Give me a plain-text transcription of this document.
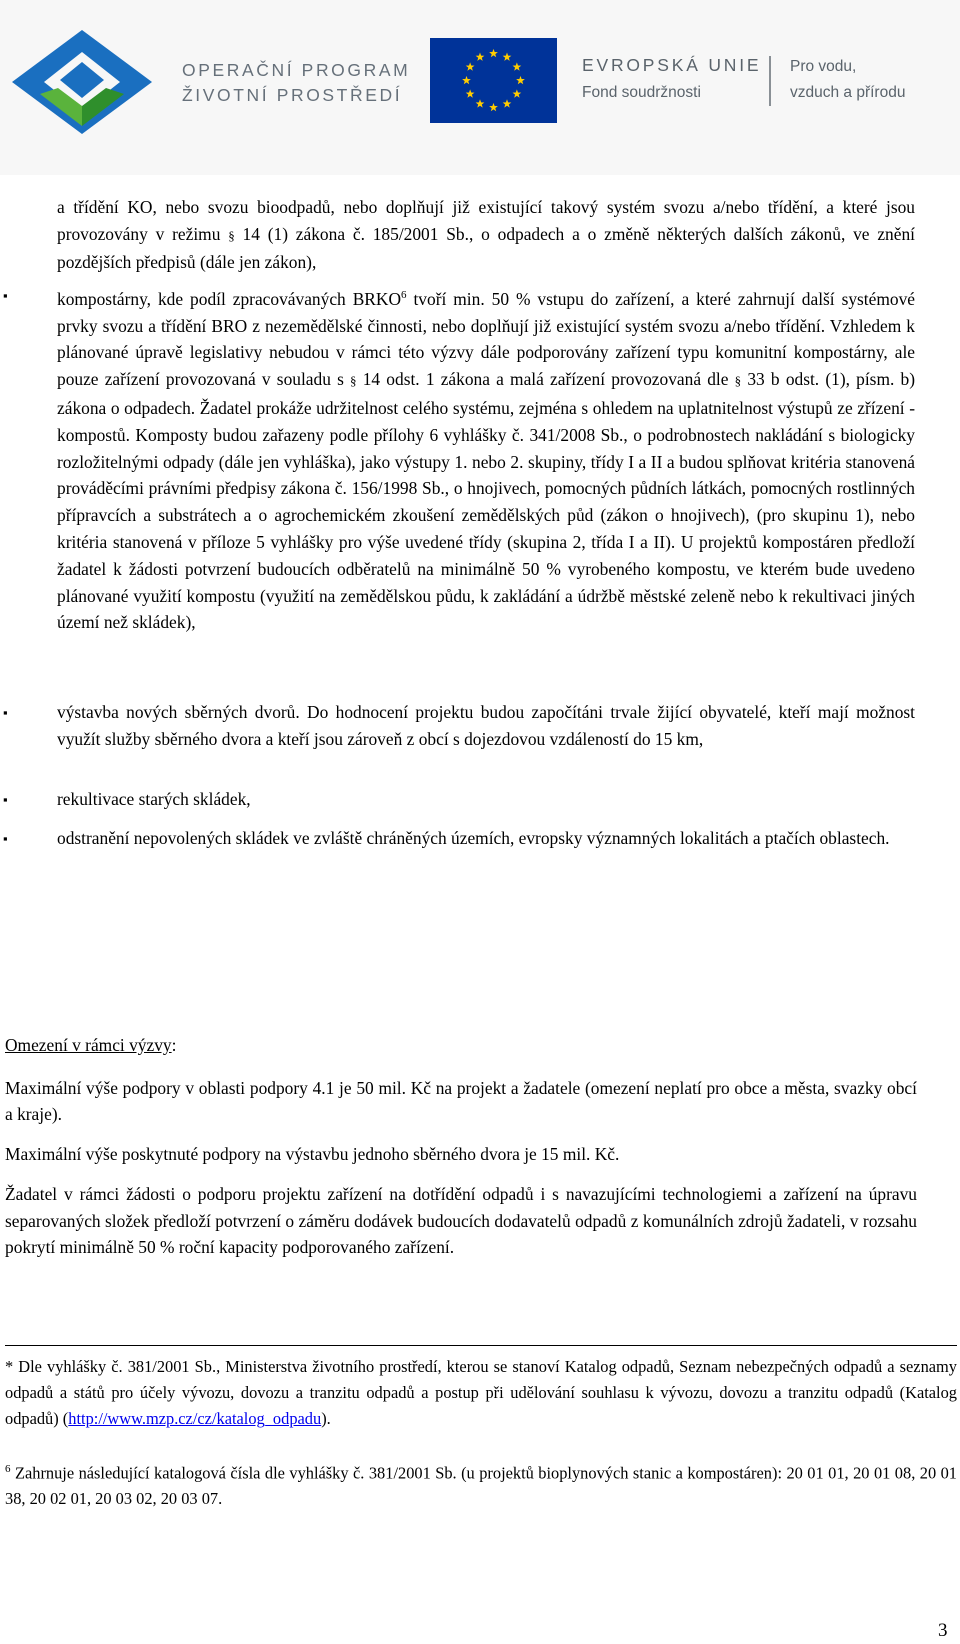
OPERAČNÍ PROGRAM
ŽIVOTNÍ PROSTŘEDÍ
EVROPSKÁ UNIE
Fond soudržnosti
Pro vodu,
vzduch a přírodu
a třídění KO, nebo svozu bioodpadů, nebo doplňují již existující takový systém svozu a/nebo třídění, a které jsou provozovány v režimu § 14 (1) zákona č. 185/2001 Sb., o odpadech a o změně některých dalších zákonů, ve znění pozdějších předpisů (dále jen zákon),
▪	kompostárny, kde podíl zpracovávaných BRKO$^6$ tvoří min. 50 % vstupu do zařízení, a které zahrnují další systémové prvky svozu a třídění BRO z nezemědělské činnosti, nebo doplňují již existující systém svozu a/nebo třídění. Vzhledem k plánované úpravě legislativy nebudou v rámci této výzvy dále podporovány zařízení typu komunitní kompostárny, ale pouze zařízení provozovaná v souladu s § 14 odst. 1 zákona a malá zařízení provozovaná dle § 33 b odst. (1), písm. b) zákona o odpadech. Žadatel prokáže udržitelnost celého systému, zejména s ohledem na uplatnitelnost výstupů ze zřízení - kompostů. Komposty budou zařazeny podle přílohy 6 vyhlášky č. 341/2008 Sb., o podrobnostech nakládání s biologicky rozložitelnými odpady (dále jen vyhláška), jako výstupy 1. nebo 2. skupiny, třídy I a II a budou splňovat kritéria stanovená prováděcími právními předpisy zákona č. 156/1998 Sb., o hnojivech, pomocných půdních látkách, pomocných rostlinných přípravcích a substrátech a o agrochemickém zkoušení zemědělských půd (zákon o hnojivech), (pro skupinu 1), nebo kritéria stanovená v příloze 5 vyhlášky pro výše uvedené třídy (skupina 2, třída I a II). U projektů kompostáren předloží žadatel k žádosti potvrzení budoucích odběratelů na minimálně 50 % vyrobeného kompostu, ve kterém bude uvedeno plánované využití kompostu (využití na zemědělskou půdu, k zakládání a údržbě městské zeleně nebo k rekultivaci jiných území než skládek),
▪	výstavba nových sběrných dvorů. Do hodnocení projektu budou započítáni trvale žijící obyvatelé, kteří mají možnost využít služby sběrného dvora a kteří jsou zároveň z obcí s dojezdovou vzdáleností do 15 km,
▪	rekultivace starých skládek,
▪	odstranění nepovolených skládek ve zvláště chráněných územích, evropsky významných lokalitách a ptačích oblastech.
Omezení v rámci výzvy:
Maximální výše podpory v oblasti podpory 4.1 je 50 mil. Kč na projekt a žadatele (omezení neplatí pro obce a města, svazky obcí a kraje).
Maximální výše poskytnuté podpory na výstavbu jednoho sběrného dvora je 15 mil. Kč.
Žadatel v rámci žádosti o podporu projektu zařízení na dotřídění odpadů i s navazujícími technologiemi a zařízení na úpravu separovaných složek předloží potvrzení o záměru dodávek budoucích dodavatelů odpadů z komunálních zdrojů žadateli, v rozsahu pokrytí minimálně 50 % roční kapacity podporovaného zařízení.
* Dle vyhlášky č. 381/2001 Sb., Ministerstva životního prostředí, kterou se stanoví Katalog odpadů, Seznam nebezpečných odpadů a seznamy odpadů a států pro účely vývozu, dovozu a tranzitu odpadů a postup při udělování souhlasu k vývozu, dovozu a tranzitu odpadů (Katalog odpadů) (http://www.mzp.cz/cz/katalog_odpadu).
$^6$ Zahrnuje následující katalogová čísla dle vyhlášky č. 381/2001 Sb. (u projektů bioplynových stanic a kompostáren): 20 01 01, 20 01 08, 20 01 38, 20 02 01, 20 03 02, 20 03 07.
3
